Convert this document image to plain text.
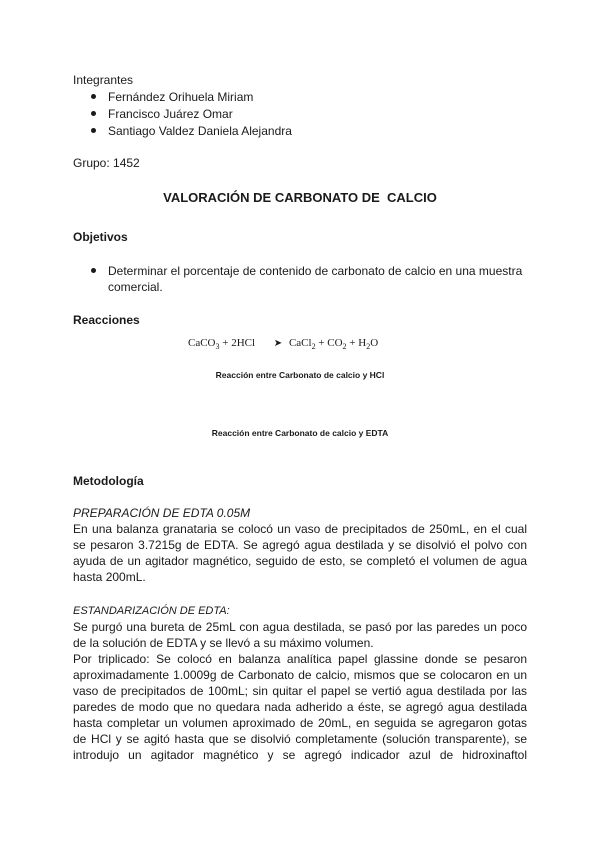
Integrantes
Fernández Orihuela Miriam
Francisco Juárez Omar
Santiago Valdez Daniela Alejandra
Grupo: 1452
VALORACIÓN DE CARBONATO DE  CALCIO
Objetivos
Determinar el porcentaje de contenido de carbonato de calcio en una muestra
comercial.
Reacciones
CaCO$_3$ + 2HCl ➤ CaCl$_2$ + $CO_2 + H_2O$
Reacción entre Carbonato de calcio y HCl
Reacción entre Carbonato de calcio y EDTA
Metodología
PREPARACIÓN DE EDTA 0.05M
En una balanza granataria se colocó un vaso de precipitados de 250mL, en el cual
se pesaron 3.7215g de EDTA. Se agregó agua destilada y se disolvió el polvo con
ayuda de un agitador magnético, seguido de esto, se completó el volumen de agua
hasta 200mL.
ESTANDARIZACIÓN DE EDTA:
Se purgó una bureta de 25mL con agua destilada, se pasó por las paredes un poco
de la solución de EDTA y se llevó a su máximo volumen.
Por triplicado: Se colocó en balanza analítica papel glassine donde se pesaron
aproximadamente 1.0009g de Carbonato de calcio, mismos que se colocaron en un
vaso de precipitados de 100mL; sin quitar el papel se vertió agua destilada por las
paredes de modo que no quedara nada adherido a éste, se agregó agua destilada
hasta completar un volumen aproximado de 20mL, en seguida se agregaron gotas
de HCl y se agitó hasta que se disolvió completamente (solución transparente), se
introdujo un agitador magnético y se agregó indicador azul de hidroxinaftol
